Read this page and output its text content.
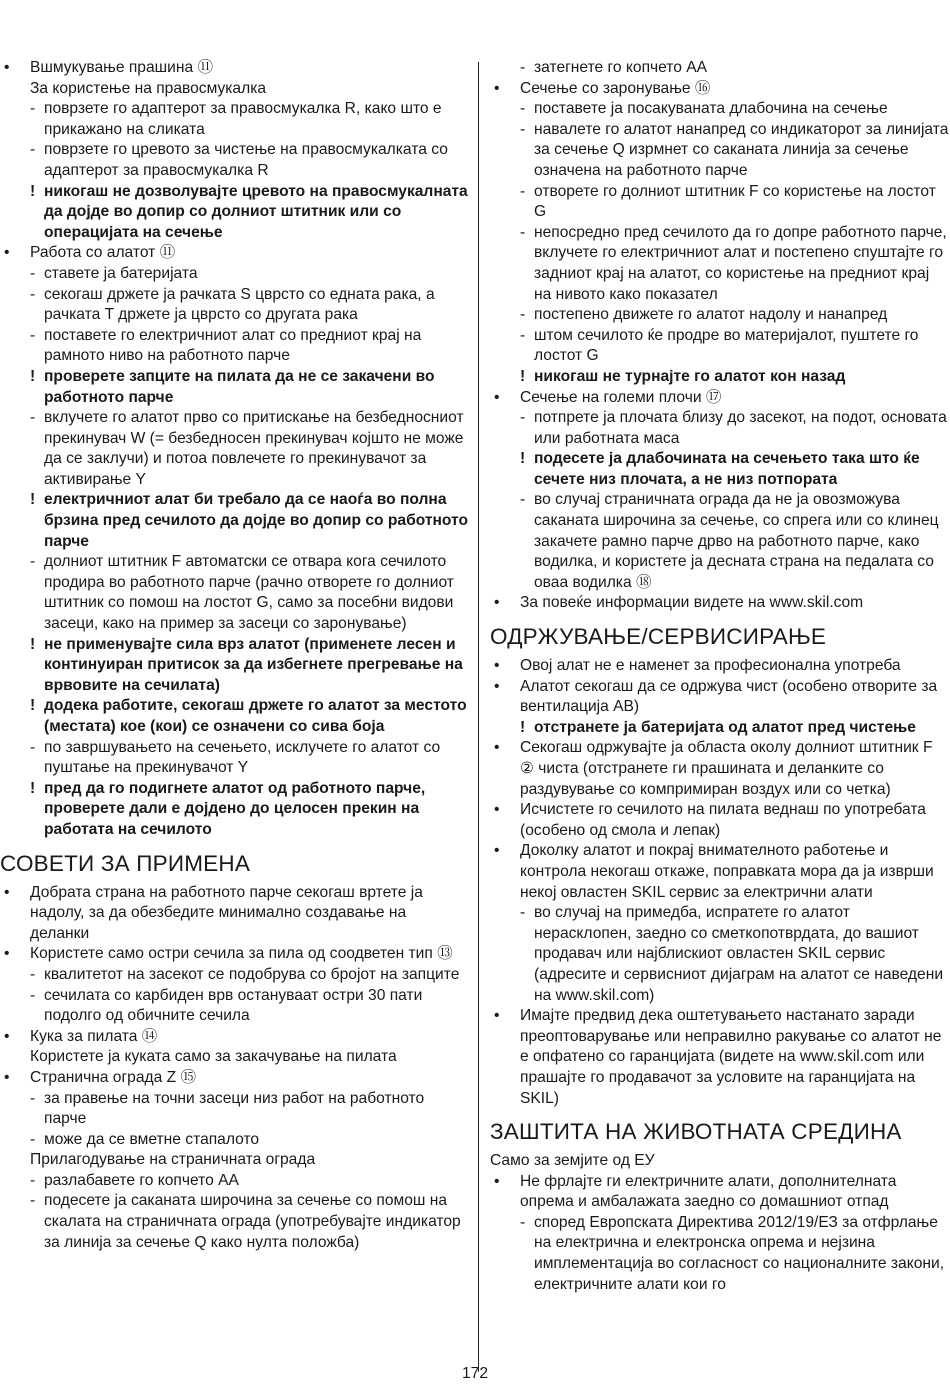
• Вшмукување прашина ⑪
За користење на правосмукалка
- поврзете го адаптерот за правосмукалка R, како што е прикажано на сликата
- поврзете го цревото за чистење на правосмукалката со адаптерот за правосмукалка R
! никогаш не дозволувајте цревото на правосмукалната да дојде во допир со долниот штитник или со операцијата на сечење
• Работа со алатот ⑪
- ставете ја батеријата
- секогаш држете ја рачката S цврсто со едната рака, а рачката T држете ја цврсто со другата рака
- поставете го електричниот алат со предниот крај на рамното ниво на работното парче
! проверете запците на пилата да не се закачени во работното парче
- вклучете го алатот прво со притискање на безбедносниот прекинувач W (= безбедносен прекинувач којшто не може да се заклучи) и потоа повлечете го прекинувачот за активирање Y
! електричниот алат би требало да се наоѓа во полна брзина пред сечилото да дојде во допир со работното парче
- долниот штитник F автоматски се отвара кога сечилото продира во работното парче (рачно отворете го долниот штитник со помош на лостот G, само за посебни видови засеци, како на пример за засеци со заронување)
! не применувајте сила врз алатот (применете лесен и континуиран притисок за да избегнете прегревање на врвовите на сечилата)
! додека работите, секогаш држете го алатот за местото (местата) кое (кои) се означени со сива боја
- по завршувањето на сечењето, исклучете го алатот со пуштање на прекинувачот Y
! пред да го подигнете алатот од работното парче, проверете дали е дојдено до целосен прекин на работата на сечилото
СОВЕТИ ЗА ПРИМЕНА
• Добрата страна на работното парче секогаш вртете ја надолу, за да обезбедите минимално создавање на деланки
• Користете само остри сечила за пила од соодветен тип ⑬
- квалитетот на засекот се подобрува со бројот на запците
- сечилата со карбиден врв остануваат остри 30 пати подолго од обичните сечила
• Кука за пилата ⑭
Користете ја куката само за закачување на пилата
• Странична ограда Z ⑮
- за правење на точни засеци низ работ на работното парче
- може да се вметне стапалото
Прилагодување на страничната ограда
- разлабавете го копчето AA
- подесете ја саканата широчина за сечење со помош на скалата на страничната ограда (употребувајте индикатор за линија за сечење Q како нулта положба)
- затегнете го копчето AA
• Сечење со зaронување ⑯
- поставете ја посакуваната длабочина на сечење
- навалете го алатот нанапред со индикаторот за линијата за сечење Q изрмнет со саканата линија за сечење означена на работното парче
- отворете го долниот штитник F со користење на лостот G
- непосредно пред сечилото да го допре работното парче, вклучете го електричниот алат и постепено спуштајте го задниот крај на алатот, со користење на предниот крај на нивото како показател
- постепено движете го алатот надолу и нанапред
- штом сечилото ќе продре во материјалот, пуштете го лостот G
! никогаш не турнајте го алатот кон назад
• Сечење на големи плочи ⑰
- потпрете ја плочата близу до засекот, на подот, основата или работната маса
! подесете ја длабочината на сечењето така што ќе сечете низ плочата, а не низ потпората
- во случај страничната ограда да не ја овозможува саканата широчина за сечење, со спрега или со клинец закачете рамно парче дрво на работното парче, како водилка, и користете ја десната страна на педалата со оваа водилка ⑱
• За повеќе информации видете на www.skil.com
ОДРЖУВАЊЕ/СЕРВИСИРАЊЕ
• Овој алат не е наменет за професионална употреба
• Алатот секогаш да се одржува чист (особено отворите за вентилација AB)
! отстранете ја батеријата од алатот пред чистење
• Секогаш одржувајте ја областа околу долниот штитник F ② чиста (отстранете ги прашината и деланките со раздувување со компримиран воздух или со четка)
• Исчистете го сечилото на пилата веднаш по употребата (особено од смола и лепак)
• Доколку алатот и покрај внимателното работење и контрола некогаш откаже, поправката мора да ја изврши некој овластен SKIL сервис за електрични алати
- во случај на примедба, испратете го алатот нерасклопен, заедно со сметкопотврдата, до вашиот продавач или најблискиот овластен SKIL сервис (адресите и сервисниот дијаграм на алатот се наведени на www.skil.com)
• Имајте предвид дека оштетувањето настанато заради преоптоварување или неправилно ракување со алатот не е опфатено со гаранцијата (видете на www.skil.com или прашајте го продавачот за условите на гаранцијата на SKIL)
ЗАШТИТА НА ЖИВОТНАТА СРЕДИНА
Само за земјите од ЕУ
• Не фрлајте ги електричните алати, дополнителната опрема и амбалажата заедно со домашниот отпад
- според Европската Директива 2012/19/ЕЗ за отфрлање на електрична и електронска опрема и нејзина имплементација во согласност со националните закони, електричните алати кои го
172
